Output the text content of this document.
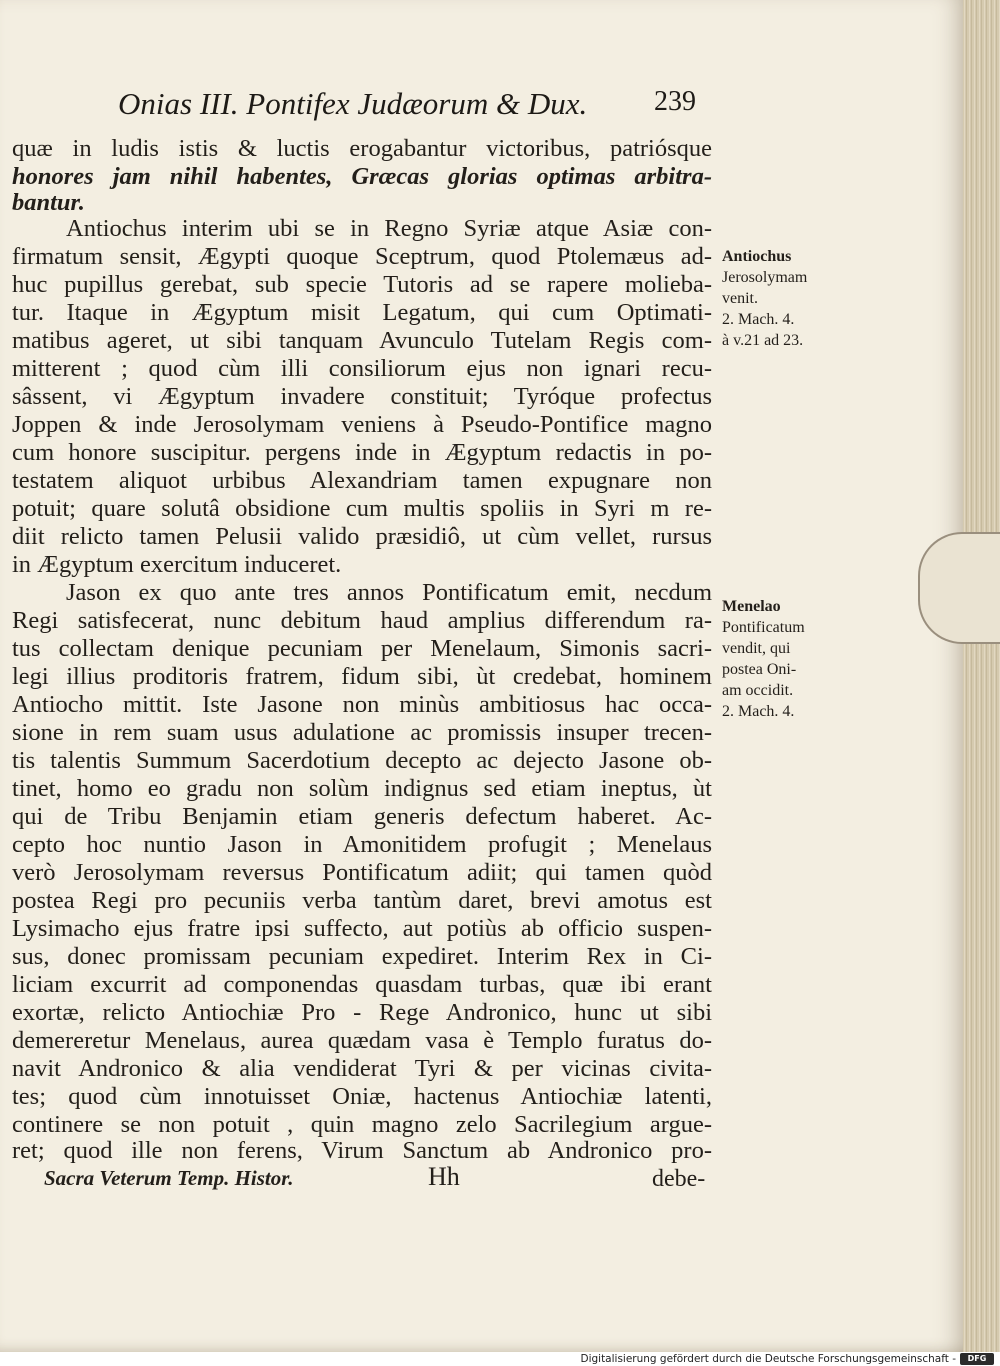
Onias III. Pontifex Judæorum & Dux.	239
quæ in ludis istis & luctis erogabantur victoribus, patriósque
honores jam nihil habentes, Græcas glorias optimas arbitra-
bantur.
Antiochus interim ubi se in Regno Syriæ atque Asiæ con-
firmatum sensit, Ægypti quoque Sceptrum, quod Ptolemæus ad-
huc pupillus gerebat, sub specie Tutoris ad se rapere molieba-
tur. Itaque in Ægyptum misit Legatum, qui cum Optimati-
matibus ageret, ut sibi tanquam Avunculo Tutelam Regis com-
mitterent ; quod cùm illi consiliorum ejus non ignari recu-
sâssent, vi Ægyptum invadere constituit; Tyróque profectus
Joppen & inde Jerosolymam veniens à Pseudo-Pontifice magno
cum honore suscipitur. pergens inde in Ægyptum redactis in po-
testatem aliquot urbibus Alexandriam tamen expugnare non
potuit; quare solutâ obsidione cum multis spoliis in Syri m re-
diit relicto tamen Pelusii valido præsidiô, ut cùm vellet, rursus
in Ægyptum exercitum induceret.
Jason ex quo ante tres annos Pontificatum emit, necdum
Regi satisfecerat, nunc debitum haud amplius differendum ra-
tus collectam denique pecuniam per Menelaum, Simonis sacri-
legi illius proditoris fratrem, fidum sibi, ùt credebat, hominem
Antiocho mittit. Iste Jasone non minùs ambitiosus hac occa-
sione in rem suam usus adulatione ac promissis insuper trecen-
tis talentis Summum Sacerdotium decepto ac dejecto Jasone ob-
tinet, homo eo gradu non solùm indignus sed etiam ineptus, ùt
qui de Tribu Benjamin etiam generis defectum haberet. Ac-
cepto hoc nuntio Jason in Amonitidem profugit ; Menelaus
verò Jerosolymam reversus Pontificatum adiit; qui tamen quòd
postea Regi pro pecuniis verba tantùm daret, brevi amotus est
Lysimacho ejus fratre ipsi suffecto, aut potiùs ab officio suspen-
sus, donec promissam pecuniam expediret. Interim Rex in Ci-
liciam excurrit ad componendas quasdam turbas, quæ ibi erant
exortæ, relicto Antiochiæ Pro - Rege Andronico, hunc ut sibi
demereretur Menelaus, aurea quædam vasa è Templo furatus do-
navit Andronico & alia vendiderat Tyri & per vicinas civita-
tes; quod cùm innotuisset Oniæ, hactenus Antiochiæ latenti,
continere se non potuit , quin magno zelo Sacrilegium argue-
ret; quod ille non ferens, Virum Sanctum ab Andronico pro-
Antiochus
Jerosolymam
venit.
2. Mach. 4.
à v.21 ad 23.
Menelao
Pontificatum
vendit, qui
postea Oni-
am occidit.
2. Mach. 4.
Sacra Veterum Temp. Histor.	Hh	debe-
Digitalisierung gefördert durch die Deutsche Forschungsgemeinschaft -	DFG
